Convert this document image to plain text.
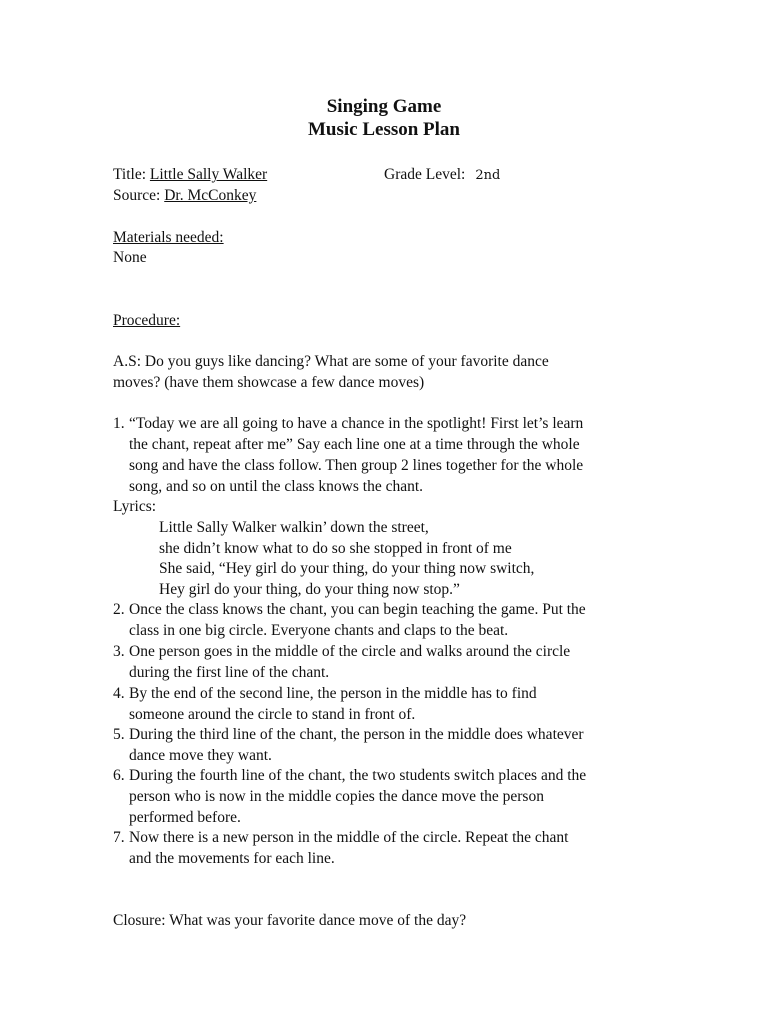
Singing Game
Music Lesson Plan
Title: Little Sally Walker	Grade Level: 2nd
Source: Dr. McConkey
Materials needed:
None
Procedure:
A.S: Do you guys like dancing? What are some of your favorite dance
moves? (have them showcase a few dance moves)
1. “Today we are all going to have a chance in the spotlight! First let’s learn
the chant, repeat after me” Say each line one at a time through the whole
song and have the class follow. Then group 2 lines together for the whole
song, and so on until the class knows the chant.
Lyrics:
Little Sally Walker walkin’ down the street,
she didn’t know what to do so she stopped in front of me
She said, “Hey girl do your thing, do your thing now switch,
Hey girl do your thing, do your thing now stop.”
2. Once the class knows the chant, you can begin teaching the game. Put the
class in one big circle. Everyone chants and claps to the beat.
3. One person goes in the middle of the circle and walks around the circle
during the first line of the chant.
4. By the end of the second line, the person in the middle has to find
someone around the circle to stand in front of.
5. During the third line of the chant, the person in the middle does whatever
dance move they want.
6. During the fourth line of the chant, the two students switch places and the
person who is now in the middle copies the dance move the person
performed before.
7. Now there is a new person in the middle of the circle. Repeat the chant
and the movements for each line.
Closure: What was your favorite dance move of the day?
